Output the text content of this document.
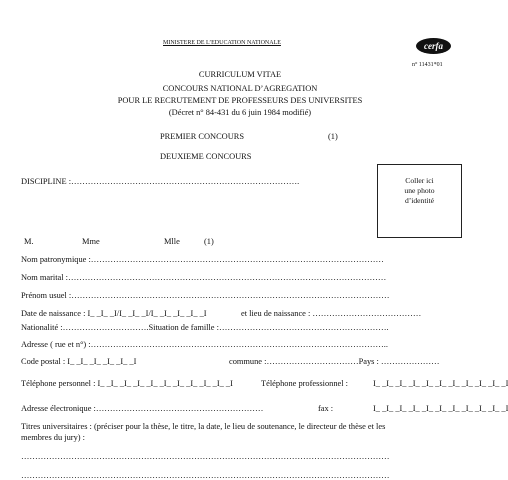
MINISTERE DE L’EDUCATION NATIONALE	cerfa
n° 11431*01
CURRICULUM VITAE
CONCOURS NATIONAL D’AGREGATION
POUR LE RECRUTEMENT DE PROFESSEURS DES UNIVERSITES
(Décret n° 84-431 du 6 juin 1984 modifié)
PREMIER CONCOURS	(1)
DEUXIEME CONCOURS
DISCIPLINE :……………………………………………………………………….	Coller ici
une photo
d’identité
M.	Mme	Mlle	(1)
Nom patronymique :……………………………………………………………………………………………
Nom marital :……………………………………………………………………………………………………
Prénom usuel :……………………………………………………………………………………………………
Date de naissance : I_ _I_ _I/I_ _I_ _I/I_ _I_ _I_ _I_ _I	et lieu de naissance : …………………………………
Nationalité :………………………….Situation de famille :…………………………………………………….
Adresse ( rue et n°) :……………………………………………………………………………………………..
Code postal : I_ _I_ _I_ _I_ _I_ _I	commune :……………………………Pays : …………………
Téléphone personnel : I_ _I_ _I_ _I_ _I_ _I_ _I_ _I_ _I_ _I_ _I	Téléphone professionnel :	I_ _I_ _I_ _I_ _I_ _I_ _I_ _I_ _I_ _I_ _I
Adresse électronique :……………………………………………………	fax :	I_ _I_ _I_ _I_ _I_ _I_ _I_ _I_ _I_ _I_ _I
Titres universitaires : (préciser pour la thèse, le titre, la date, le lieu de soutenance, le directeur de thèse et les
membres du jury) :
……………………………………………………………………………………………………………………
……………………………………………………………………………………………………………………
